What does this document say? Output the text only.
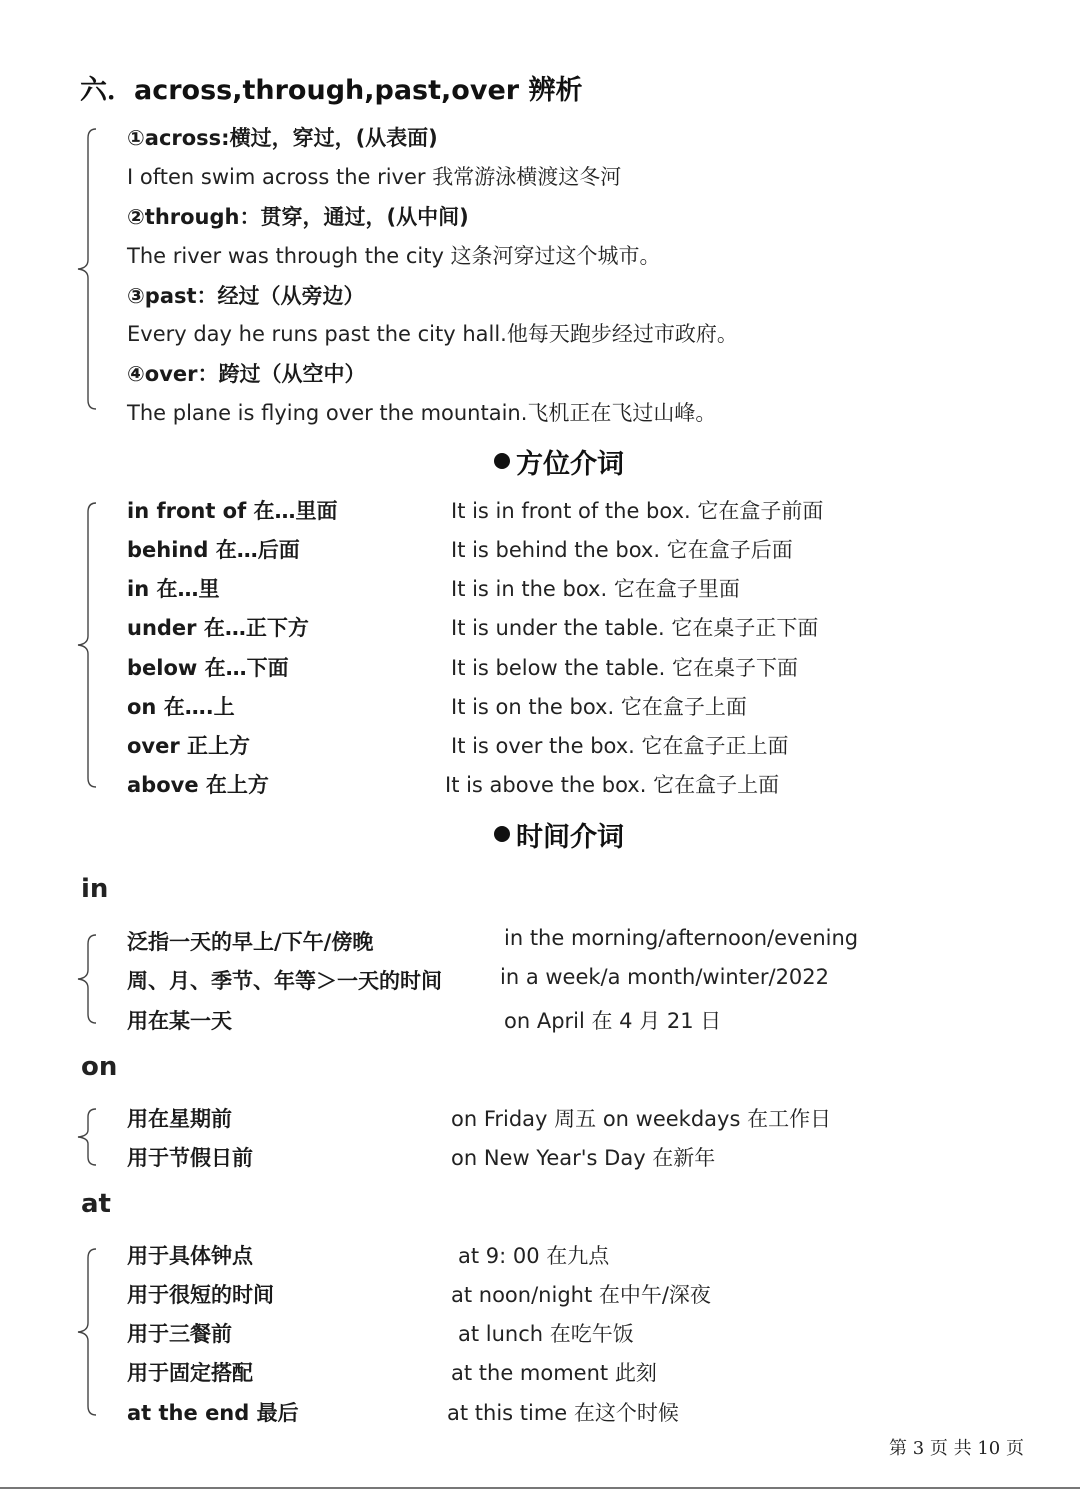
六．across,through,past,over 辨析
①across:横过，穿过，(从表面)
I often swim across the river 我常游泳横渡这冬河
②through：贯穿，通过，(从中间)
The river was through the city 这条河穿过这个城市。
③past：经过（从旁边）
Every day he runs past the city hall.他每天跑步经过市政府。
④over：跨过（从空中）
The plane is flying over the mountain.飞机正在飞过山峰。
方位介词
in front of 在…里面	It is in front of the box. 它在盒子前面
behind 在…后面	It is behind the box. 它在盒子后面
in 在…里	It is in the box. 它在盒子里面
under 在…正下方	It is under the table. 它在桌子正下面
below 在…下面	It is below the table. 它在桌子下面
on 在….上	It is on the box. 它在盒子上面
over 正上方	It is over the box. 它在盒子正上面
above 在上方	It is above the box. 它在盒子上面
时间介词
in
泛指一天的早上/下午/傍晚	in the morning/afternoon/evening
周、月、季节、年等＞一天的时间	in a week/a month/winter/2022
用在某一天	on April 在 4 月 21 日
on
用在星期前	on Friday 周五 on weekdays 在工作日
用于节假日前	on New Year's Day 在新年
at
用于具体钟点	at 9: 00 在九点
用于很短的时间	at noon/night 在中午/深夜
用于三餐前	at lunch 在吃午饭
用于固定搭配	at the moment 此刻
at the end 最后	at this time 在这个时候
第 3 页 共 10 页
